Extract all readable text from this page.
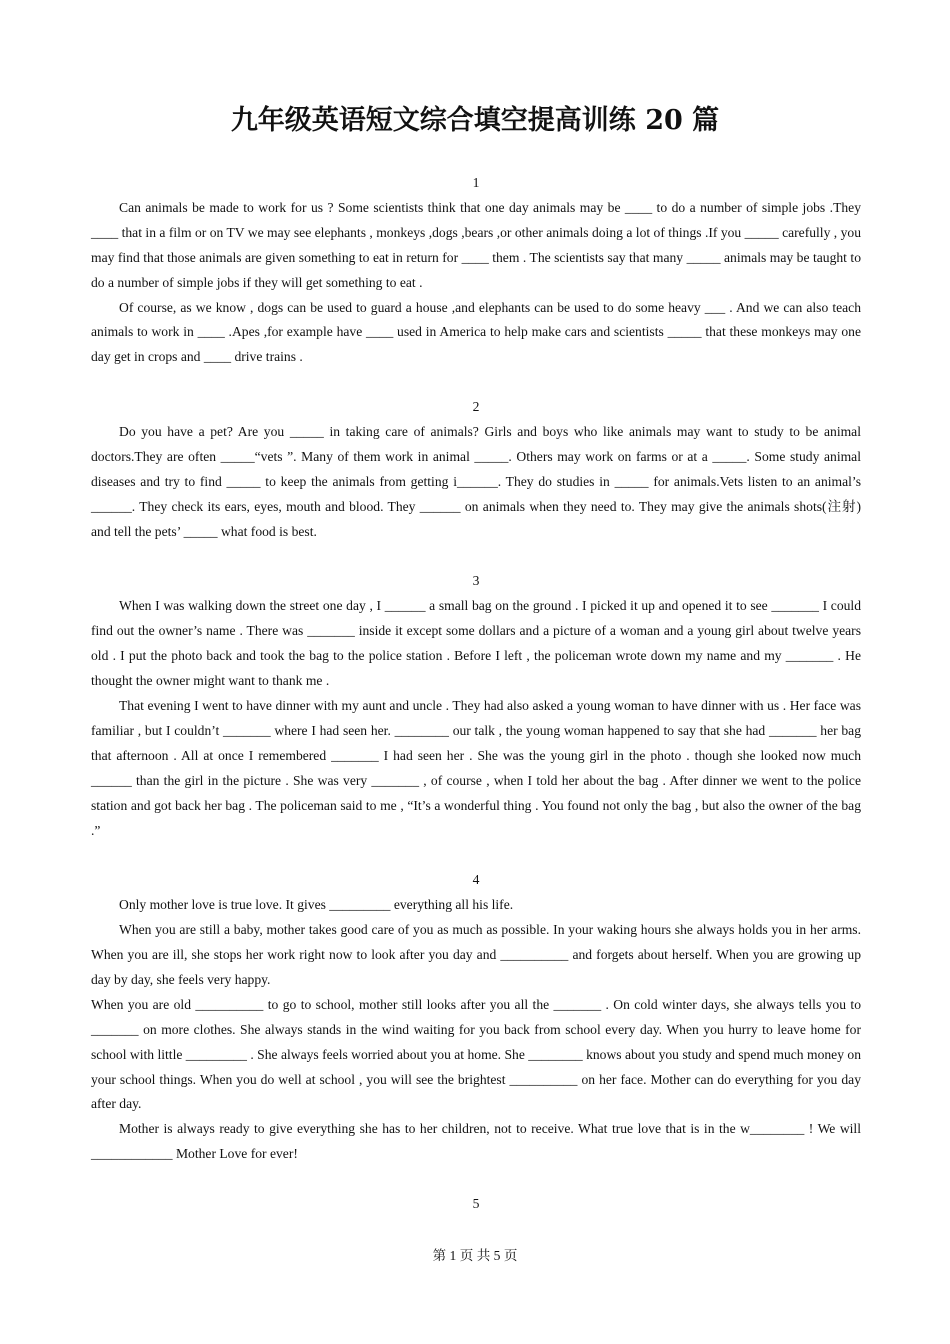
九年级英语短文综合填空提高训练 20 篇

1

Can animals be made to work for us ? Some scientists think that one day animals may be ____ to do a number of simple jobs .They ____ that in a film or on TV we may see elephants , monkeys ,dogs ,bears ,or other animals doing a lot of things .If you _____ carefully , you may find that those animals are given something to eat in return for ____ them . The scientists say that many _____ animals may be taught to do a number of simple jobs if they will get something to eat .

Of course, as we know , dogs can be used to guard a house ,and elephants can be used to do some heavy ___ . And we can also teach animals to work in ____ .Apes ,for example have ____ used in America to help make cars and scientists _____ that these monkeys may one day get in crops and ____ drive trains .

2

Do you have a pet? Are you _____ in taking care of animals? Girls and boys who like animals may want to study to be animal doctors.They are often _____“vets ”. Many of them work in animal _____. Others may work on farms or at a _____. Some study animal diseases and try to find _____ to keep the animals from getting i______. They do studies in _____ for animals.Vets listen to an animal’s ______. They check its ears, eyes, mouth and blood. They ______ on animals when they need to. They may give the animals shots(注射) and tell the pets’ _____ what food is best.

3

When I was walking down the street one day , I ______ a small bag on the ground . I picked it up and opened it to see _______ I could find out the owner’s name . There was _______ inside it except some dollars and a picture of a woman and a young girl about twelve years old . I put the photo back and took the bag to the police station . Before I left , the policeman wrote down my name and my _______ . He thought the owner might want to thank me .

That evening I went to have dinner with my aunt and uncle . They had also asked a young woman to have dinner with us . Her face was familiar , but I couldn’t _______ where I had seen her. ________ our talk , the young woman happened to say that she had _______ her bag that afternoon . All at once I remembered _______ I had seen her . She was the young girl in the photo . though she looked now much ______ than the girl in the picture . She was very _______ , of course , when I told her about the bag . After dinner we went to the police station and got back her bag . The policeman said to me , “It’s a wonderful thing . You found not only the bag , but also the owner of the bag .”

4

Only mother love is true love. It gives _________ everything all his life.

When you are still a baby, mother takes good care of you as much as possible. In your waking hours she always holds you in her arms. When you are ill, she stops her work right now to look after you day and __________ and forgets about herself. When you are growing up day by day, she feels very happy.

When you are old __________ to go to school, mother still looks after you all the _______ . On cold winter days, she always tells you to _______ on more clothes. She always stands in the wind waiting for you back from school every day. When you hurry to leave home for school with little _________ . She always feels worried about you at home. She ________ knows about you study and spend much money on your school things. When you do well at school , you will see the brightest __________ on her face. Mother can do everything for you day after day.

Mother is always ready to give everything she has to her children, not to receive. What true love that is in the w________ ! We will ____________ Mother Love for ever!

5

第 1 页 共 5 页
